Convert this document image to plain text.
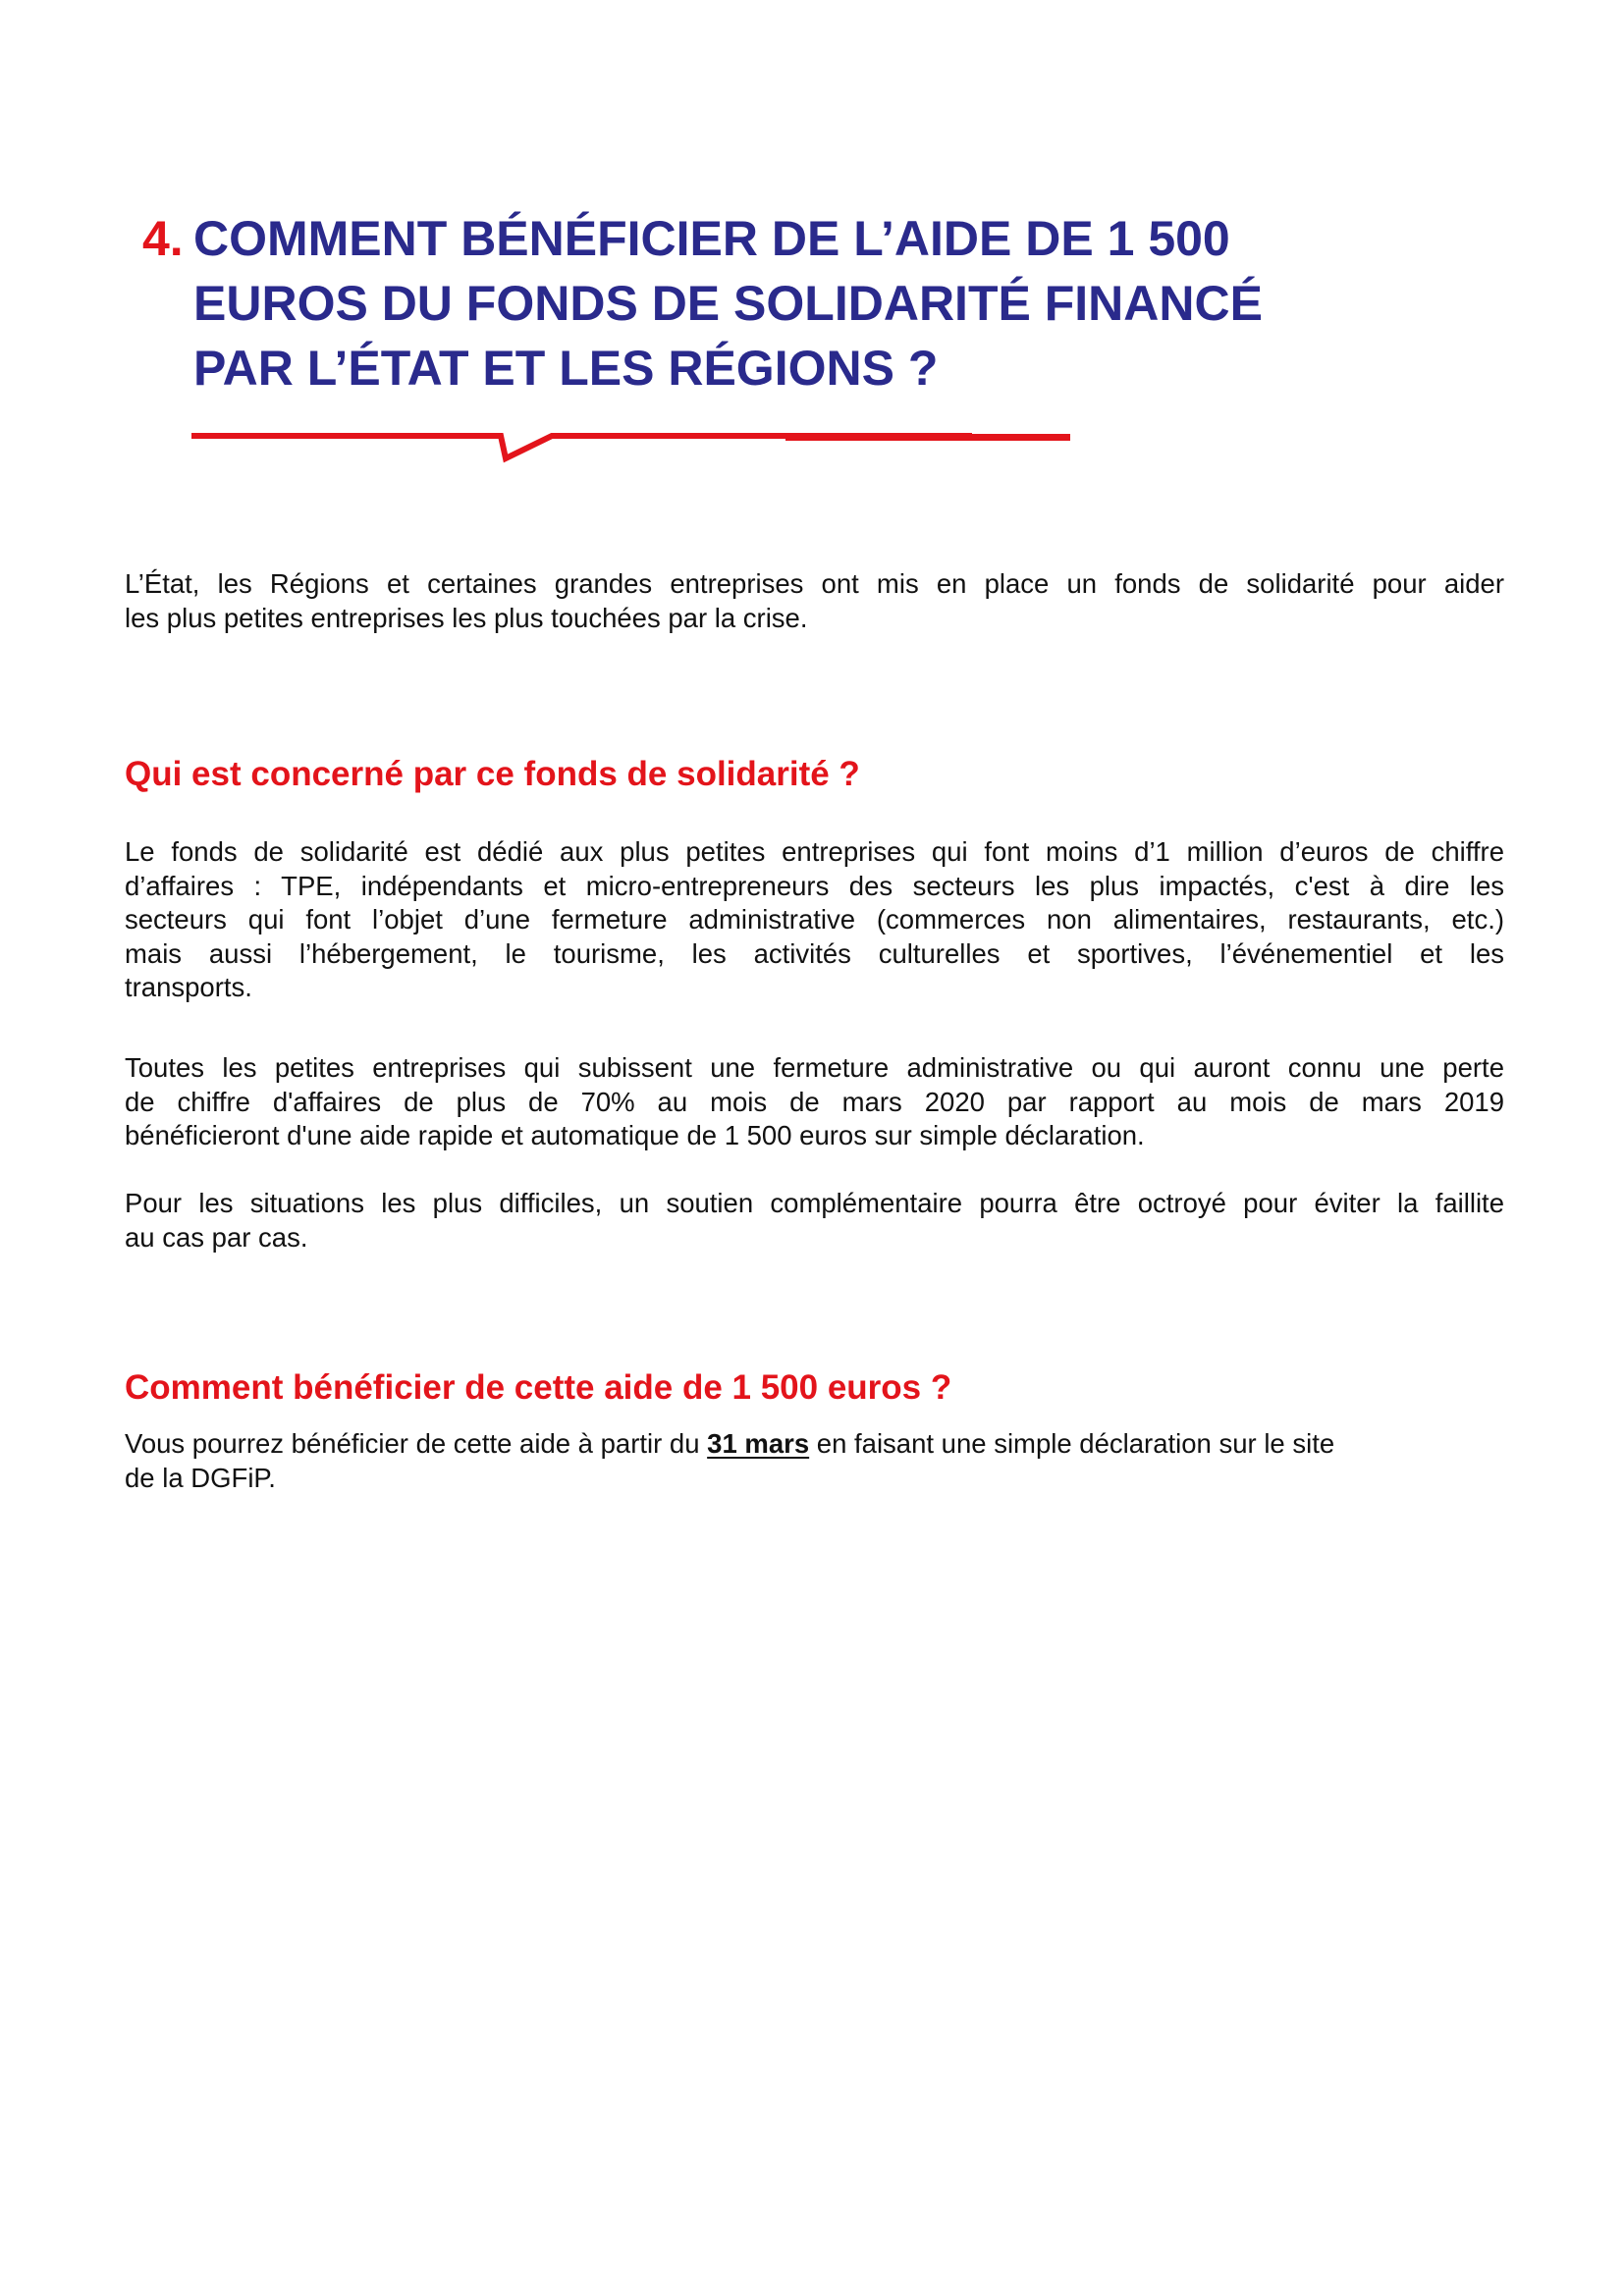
4. COMMENT BÉNÉFICIER DE L’AIDE DE 1 500
EUROS DU FONDS DE SOLIDARITÉ FINANCÉ
PAR L’ÉTAT ET LES RÉGIONS ?
L’État, les Régions et certaines grandes entreprises ont mis en place un fonds de solidarité pour aider
les plus petites entreprises les plus touchées par la crise.
Qui est concerné par ce fonds de solidarité ?
Le fonds de solidarité est dédié aux plus petites entreprises qui font moins d’1 million d’euros de chiffre
d’affaires : TPE, indépendants et micro-entrepreneurs des secteurs les plus impactés, c'est à dire les
secteurs qui font l’objet d’une fermeture administrative (commerces non alimentaires, restaurants, etc.)
mais aussi l’hébergement, le tourisme, les activités culturelles et sportives, l’événementiel et les
transports.
Toutes les petites entreprises qui subissent une fermeture administrative ou qui auront connu une perte
de chiffre d'affaires de plus de 70% au mois de mars 2020 par rapport au mois de mars 2019
bénéficieront d'une aide rapide et automatique de 1 500 euros sur simple déclaration.
Pour les situations les plus difficiles, un soutien complémentaire pourra être octroyé pour éviter la faillite
au cas par cas.
Comment bénéficier de cette aide de 1 500 euros ?
Vous pourrez bénéficier de cette aide à partir du 31 mars en faisant une simple déclaration sur le site
de la DGFiP.
